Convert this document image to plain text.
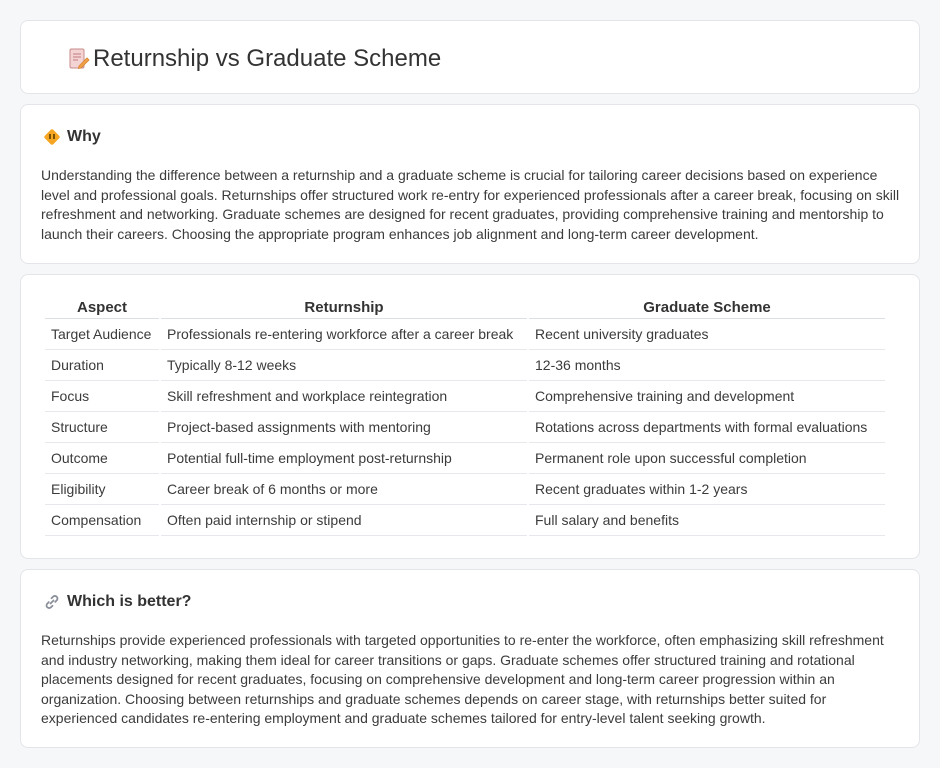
Returnship vs Graduate Scheme
Why

Understanding the difference between a returnship and a graduate scheme is crucial for tailoring career decisions based on experience level and professional goals. Returnships offer structured work re-entry for experienced professionals after a career break, focusing on skill refreshment and networking. Graduate schemes are designed for recent graduates, providing comprehensive training and mentorship to launch their careers. Choosing the appropriate program enhances job alignment and long-term career development.

Aspect	Returnship	Graduate Scheme
Target Audience	Professionals re-entering workforce after a career break	Recent university graduates
Duration	Typically 8-12 weeks	12-36 months
Focus	Skill refreshment and workplace reintegration	Comprehensive training and development
Structure	Project-based assignments with mentoring	Rotations across departments with formal evaluations
Outcome	Potential full-time employment post-returnship	Permanent role upon successful completion
Eligibility	Career break of 6 months or more	Recent graduates within 1-2 years
Compensation	Often paid internship or stipend	Full salary and benefits
Which is better?

Returnships provide experienced professionals with targeted opportunities to re-enter the workforce, often emphasizing skill refreshment and industry networking, making them ideal for career transitions or gaps. Graduate schemes offer structured training and rotational placements designed for recent graduates, focusing on comprehensive development and long-term career progression within an organization. Choosing between returnships and graduate schemes depends on career stage, with returnships better suited for experienced candidates re-entering employment and graduate schemes tailored for entry-level talent seeking growth.
